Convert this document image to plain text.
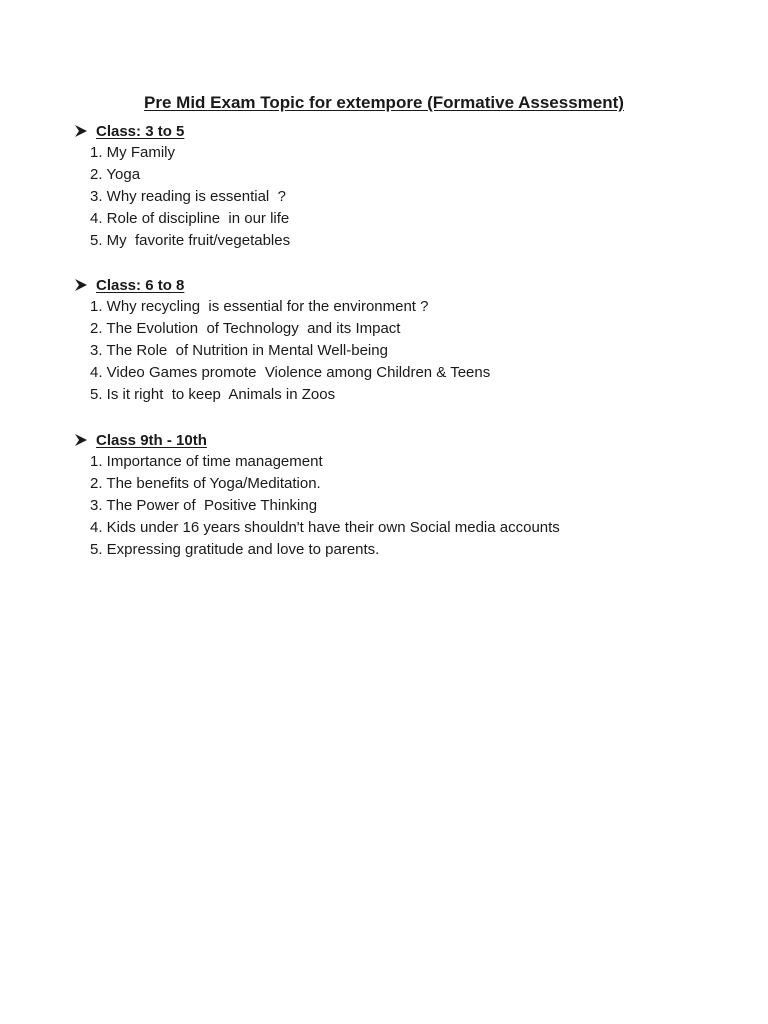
Pre Mid Exam Topic for extempore (Formative Assessment)
Class: 3 to 5
1. My Family
2. Yoga
3. Why reading is essential  ?
4. Role of discipline  in our life
5. My  favorite fruit/vegetables
Class: 6 to 8
1. Why recycling  is essential for the environment ?
2. The Evolution  of Technology  and its Impact
3. The Role  of Nutrition in Mental Well-being
4. Video Games promote  Violence among Children & Teens
5. Is it right  to keep  Animals in Zoos
Class 9th - 10th
1. Importance of time management
2. The benefits of Yoga/Meditation.
3. The Power of  Positive Thinking
4. Kids under 16 years shouldn't have their own Social media accounts
5. Expressing gratitude and love to parents.
